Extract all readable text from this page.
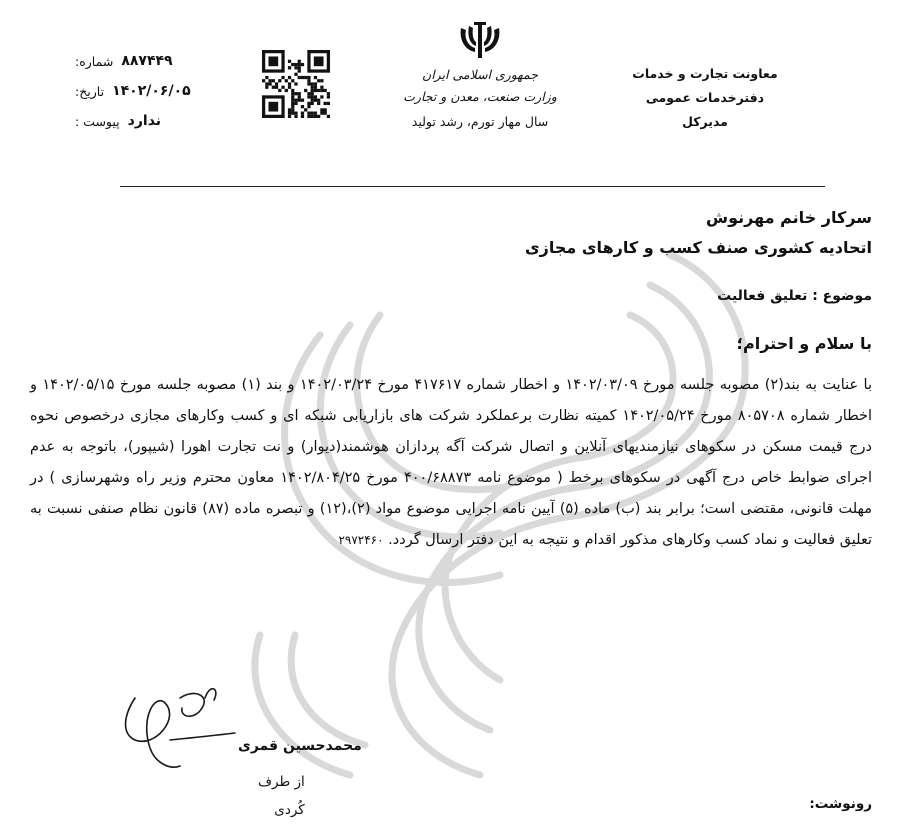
معاونت تجارت و خدمات
دفترخدمات عمومی
مدیرکل
جمهوری اسلامی ایران
وزارت صنعت، معدن و تجارت
سال مهار تورم، رشد تولید
شماره: ۸۸۷۴۴۹
تاریخ: ۱۴۰۲/۰۶/۰۵
پیوست : ندارد
سرکار خانم مهرنوش
اتحادیه کشوری صنف کسب و کارهای مجازی
موضوع : تعلیق فعالیت
با سلام و احترام؛
با عنایت به بند(۲) مصوبه جلسه مورخ ۱۴۰۲/۰۳/۰۹ و اخطار شماره ۴۱۷۶۱۷ مورخ ۱۴۰۲/۰۳/۲۴ و بند (۱) مصوبه جلسه مورخ ۱۴۰۲/۰۵/۱۵ و اخطار شماره ۸۰۵۷۰۸ مورخ ۱۴۰۲/۰۵/۲۴ کمیته نظارت برعملکرد شرکت های بازاریابی شبکه ای و کسب وکارهای مجازی درخصوص نحوه درج قیمت مسکن در سکوهای نیازمندیهای آنلاین و اتصال شرکت آگه پردازان هوشمند(دیوار) و نت تجارت اهورا (شیپور)، باتوجه به عدم اجرای ضوابط خاص درج آگهی در سکوهای برخط ( موضوع نامه ۴۰۰/۶۸۸۷۳ مورخ ۱۴۰۲/۸۰۴/۲۵ معاون محترم وزیر راه وشهرسازی ) در مهلت قانونی، مقتضی است؛ برابر بند (ب) ماده (۵) آیین نامه اجرایی موضوع مواد (۲)،(۱۲) و تبصره ماده (۸۷) قانون نظام صنفی نسبت به تعلیق فعالیت و نماد کسب وکارهای مذکور اقدام و نتیجه به این دفتر ارسال گردد. ۲۹۷۲۴۶۰
محمدحسین قمری
از طرف
کُردی	رونوشت:
